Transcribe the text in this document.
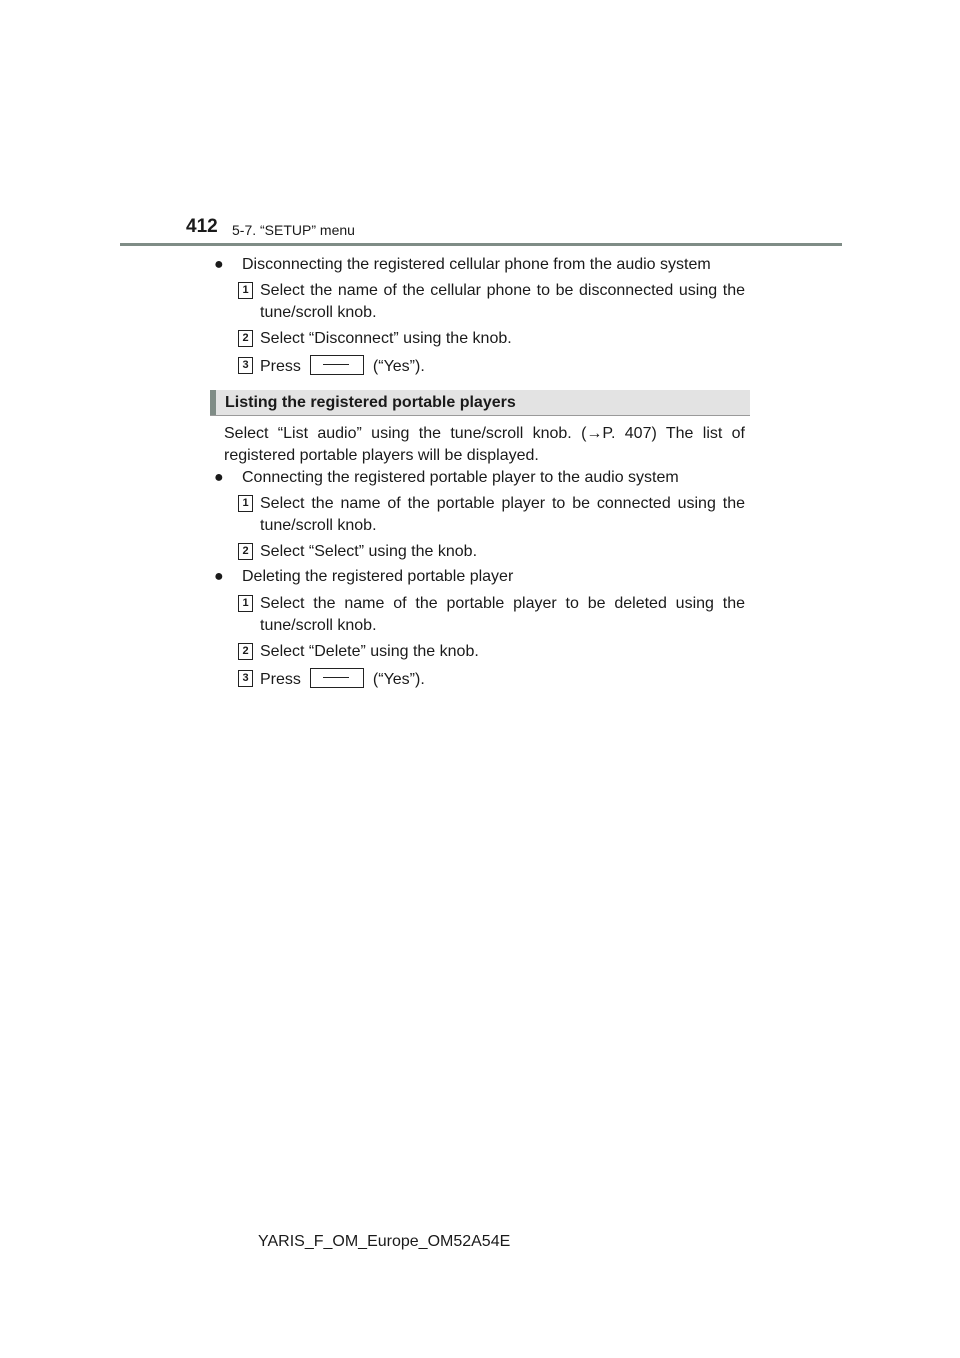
412 5-7. “SETUP” menu
● Disconnecting the registered cellular phone from the audio system
1 Select the name of the cellular phone to be disconnected using the tune/scroll knob.
2 Select “Disconnect” using the knob.
3 Press	(“Yes”).
Listing the registered portable players
Select “List audio” using the tune/scroll knob. (→P. 407) The list of registered portable players will be displayed.
● Connecting the registered portable player to the audio system
1 Select the name of the portable player to be connected using the tune/scroll knob.
2 Select “Select” using the knob.
● Deleting the registered portable player
1 Select the name of the portable player to be deleted using the tune/scroll knob.
2 Select “Delete” using the knob.
3 Press	(“Yes”).
YARIS_F_OM_Europe_OM52A54E
